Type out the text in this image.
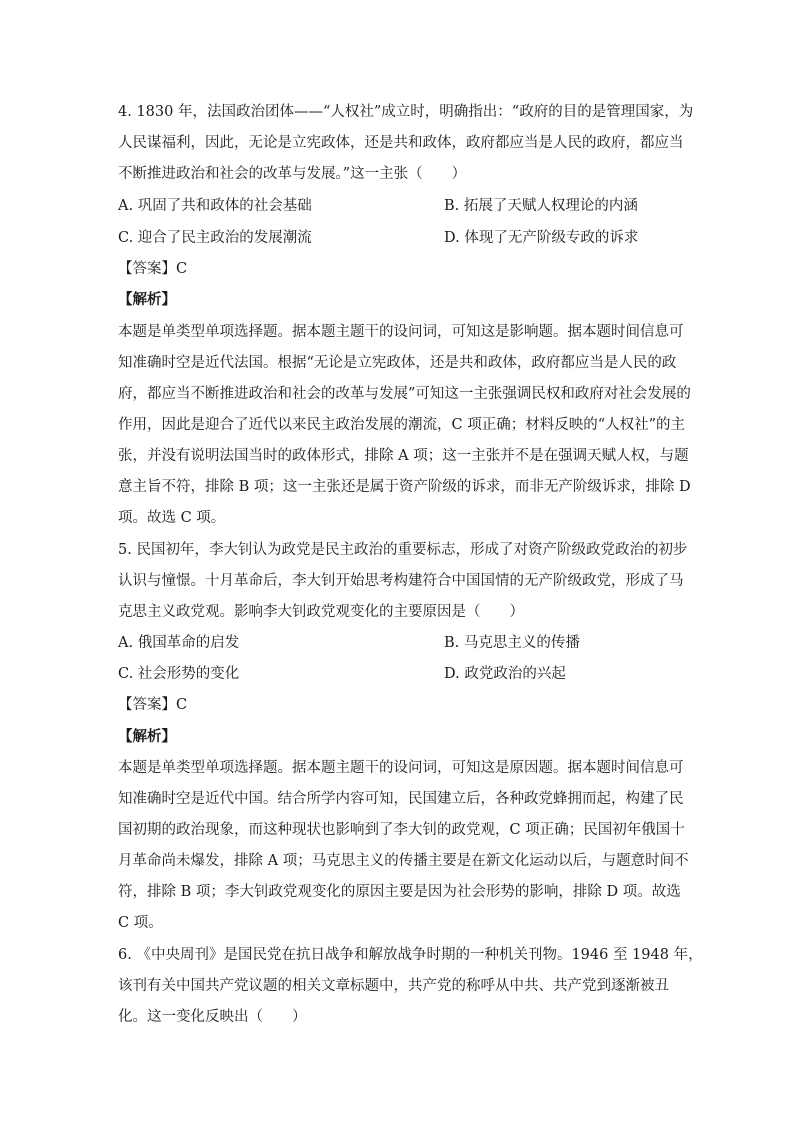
4. 1830 年，法国政治团体——“人权社”成立时，明确指出：“政府的目的是管理国家，为
人民谋福利，因此，无论是立宪政体，还是共和政体，政府都应当是人民的政府，都应当
不断推进政治和社会的改革与发展。”这一主张（　　）
A. 巩固了共和政体的社会基础	B. 拓展了天赋人权理论的内涵
C. 迎合了民主政治的发展潮流	D. 体现了无产阶级专政的诉求
【答案】C
【解析】
本题是单类型单项选择题。据本题主题干的设问词，可知这是影响题。据本题时间信息可
知准确时空是近代法国。根据“无论是立宪政体，还是共和政体，政府都应当是人民的政
府，都应当不断推进政治和社会的改革与发展”可知这一主张强调民权和政府对社会发展的
作用，因此是迎合了近代以来民主政治发展的潮流，C 项正确；材料反映的“人权社”的主
张，并没有说明法国当时的政体形式，排除 A 项；这一主张并不是在强调天赋人权，与题
意主旨不符，排除 B 项；这一主张还是属于资产阶级的诉求，而非无产阶级诉求，排除 D
项。故选 C 项。
5. 民国初年，李大钊认为政党是民主政治的重要标志，形成了对资产阶级政党政治的初步
认识与憧憬。十月革命后，李大钊开始思考构建符合中国国情的无产阶级政党，形成了马
克思主义政党观。影响李大钊政党观变化的主要原因是（　　）
A. 俄国革命的启发	B. 马克思主义的传播
C. 社会形势的变化	D. 政党政治的兴起
【答案】C
【解析】
本题是单类型单项选择题。据本题主题干的设问词，可知这是原因题。据本题时间信息可
知准确时空是近代中国。结合所学内容可知，民国建立后，各种政党蜂拥而起，构建了民
国初期的政治现象，而这种现状也影响到了李大钊的政党观，C 项正确；民国初年俄国十
月革命尚未爆发，排除 A 项；马克思主义的传播主要是在新文化运动以后，与题意时间不
符，排除 B 项；李大钊政党观变化的原因主要是因为社会形势的影响，排除 D 项。故选
C 项。
6. 《中央周刊》是国民党在抗日战争和解放战争时期的一种机关刊物。1946 至 1948 年，
该刊有关中国共产党议题的相关文章标题中，共产党的称呼从中共、共产党到逐渐被丑
化。这一变化反映出（　　）
